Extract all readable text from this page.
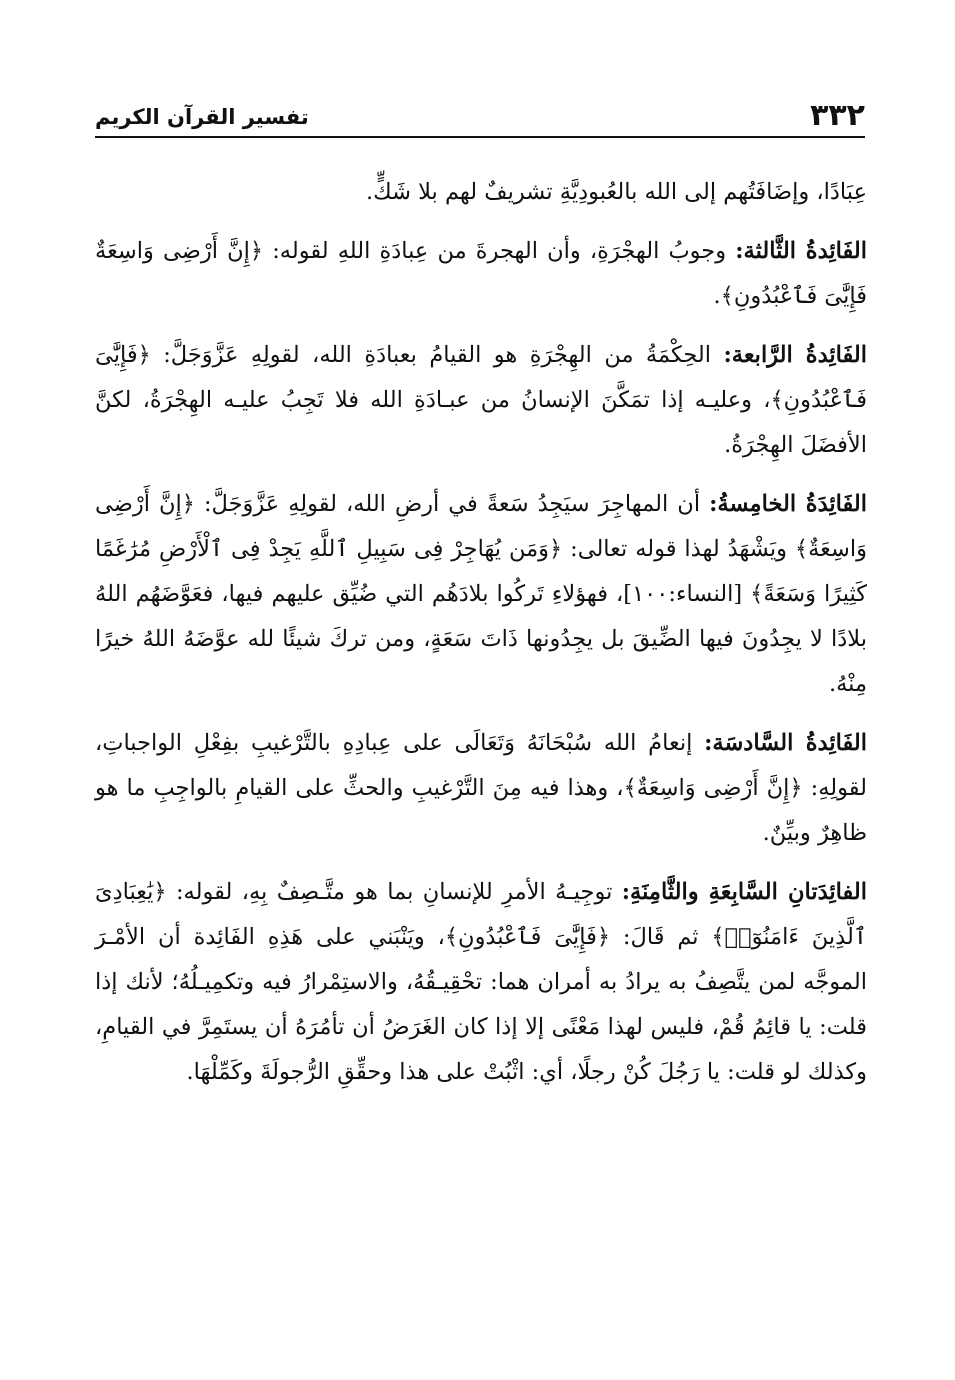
٣٣٢
تفسير القرآن الكريم

عِبَادًا، وإضَافَتُهم إلى الله بالعُبودِيَّةِ تشريفٌ لهم بلا شَكٍّ.

الفَائِدةُ الثَّالثة: وجوبُ الهجْرَةِ، وأن الهجرةَ من عِبادَةِ اللهِ لقوله: ﴿إِنَّ أَرْضِى وَاسِعَةٌ فَإِيَّٰىَ فَٱعْبُدُونِ﴾.

الفَائِدةُ الرَّابعة: الحِكْمَةُ من الهِجْرَةِ هو القيامُ بعبادَةِ الله، لقولِهِ عَزَّوَجَلَّ: ﴿فَإِيَّٰىَ فَٱعْبُدُونِ﴾، وعليـه إذا تمَكَّنَ الإنسانُ من عبـادَةِ الله فلا تَجِبُ عليـه الهِجْرَةُ، لكنَّ الأفضَلَ الهِجْرَةُ.

الفَائِدَةُ الخامِسةُ: أن المهاجِرَ سيَجِدُ سَعةً في أرضِ الله، لقولِهِ عَزَّوَجَلَّ: ﴿إِنَّ أَرْضِى وَاسِعَةٌ﴾ ويَشْهَدُ لهذا قوله تعالى: ﴿وَمَن يُهَاجِرْ فِى سَبِيلِ ٱللَّهِ يَجِدْ فِى ٱلْأَرْضِ مُرَٰغَمًا كَثِيرًا وَسَعَةً﴾ [النساء:١٠٠]، فهؤلاءِ تَركُوا بلادَهُم التي ضُيِّق عليهم فيها، فعَوَّضَهُم اللهُ بلادًا لا يجِدُونَ فيها الضِّيقَ بل يجِدُونها ذَاتَ سَعَةٍ، ومن تركَ شيئًا لله عوَّضَهُ اللهُ خيرًا مِنْهُ.

الفَائِدةُ السَّادسَة: إنعامُ الله سُبْحَانَهُ وَتَعَالَى على عِبادِهِ بالتَّرْغيبِ بفِعْلِ الواجباتِ، لقولِهِ: ﴿إِنَّ أَرْضِى وَاسِعَةٌ﴾، وهذا فيه مِنَ التَّرْغيبِ والحثِّ على القيامِ بالواجِبِ ما هو ظاهِرٌ وبيِّنٌ.

الفائِدَتانِ السَّابِعَةِ والثَّامِنَةِ: توجِيـهُ الأمرِ للإنسانِ بما هو متَّـصِفٌ بِهِ، لقوله: ﴿يَٰعِبَادِىَ ٱلَّذِينَ ءَامَنُوٓا۟﴾ ثم قَالَ: ﴿فَإِيَّٰىَ فَٱعْبُدُونِ﴾، ويَنْبَني على هَذِهِ الفَائِدة أن الأمْـرَ الموجَّه لمن يتَّصِفُ به يرادُ به أمران هما: تحْقِيـقُهُ، والاستِمْرارُ فيه وتكمِيـلُهُ؛ لأنك إذا قلت: يا قائِمُ قُمْ، فليس لهذا مَعْنًى إلا إذا كان الغَرَضُ أن تأمُرَهُ أن يستَمِرَّ في القيامِ، وكذلك لو قلت: يا رَجُلَ كُنْ رجلًا، أي: اثْبُتْ على هذا وحقِّقِ الرُّجولَةَ وكَمِّلْهَا.
